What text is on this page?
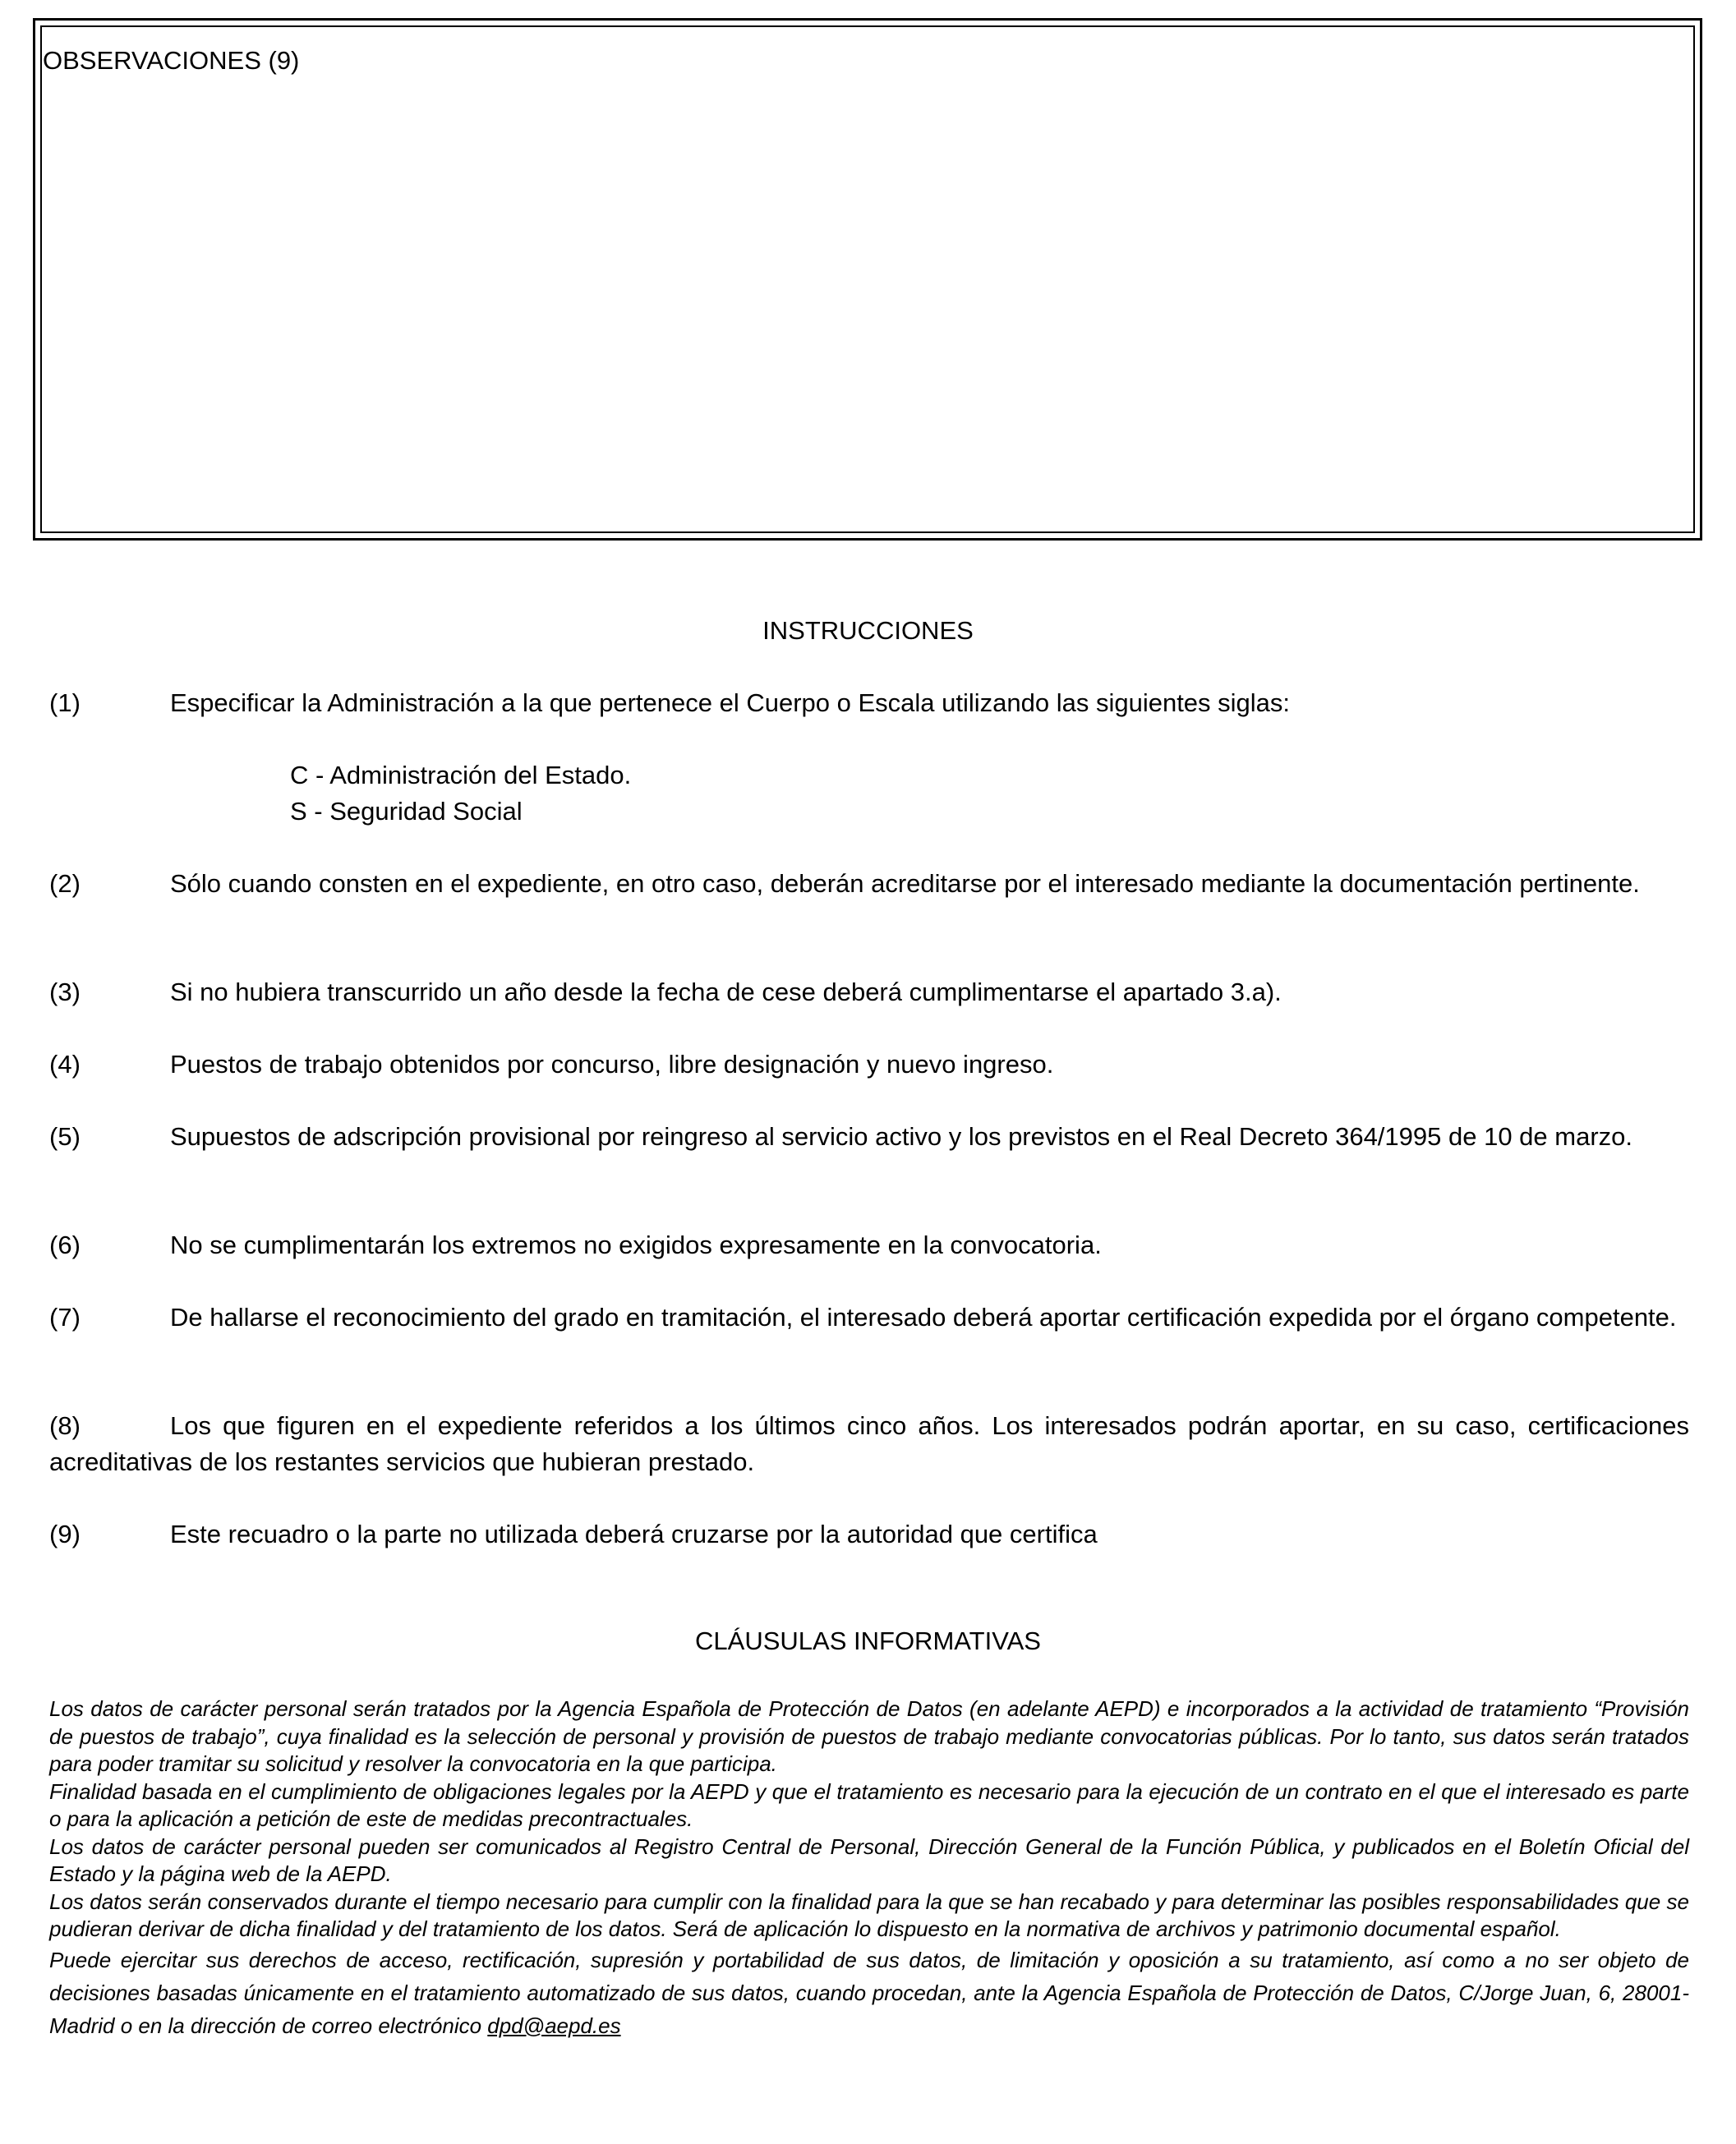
OBSERVACIONES (9)
INSTRUCCIONES
(1)	Especificar la Administración a la que pertenece el Cuerpo o Escala utilizando las siguientes siglas:
C - Administración del Estado.
S - Seguridad Social
(2)	Sólo cuando consten en el expediente, en otro caso, deberán acreditarse por el interesado mediante la documentación pertinente.
(3)	Si no hubiera transcurrido un año desde la fecha de cese deberá cumplimentarse el apartado 3.a).
(4)	Puestos de trabajo obtenidos por concurso, libre designación y nuevo ingreso.
(5)	Supuestos de adscripción provisional por reingreso al servicio activo y los previstos en el Real Decreto 364/1995 de 10 de marzo.
(6)	No se cumplimentarán los extremos no exigidos expresamente en la convocatoria.
(7)	De hallarse el reconocimiento del grado en tramitación, el interesado deberá aportar certificación expedida por el órgano competente.
(8)	Los que figuren en el expediente referidos a los últimos cinco años. Los interesados podrán aportar, en su caso, certificaciones acreditativas de los restantes servicios que hubieran prestado.
(9)	Este recuadro o la parte no utilizada deberá cruzarse por la autoridad que certifica
CLÁUSULAS INFORMATIVAS

Los datos de carácter personal serán tratados por la Agencia Española de Protección de Datos (en adelante AEPD) e incorporados a la actividad de tratamiento “Provisión de puestos de trabajo”, cuya finalidad es la selección de personal y provisión de puestos de trabajo mediante convocatorias públicas. Por lo tanto, sus datos serán tratados para poder tramitar su solicitud y resolver la convocatoria en la que participa.

Finalidad basada en el cumplimiento de obligaciones legales por la AEPD y que el tratamiento es necesario para la ejecución de un contrato en el que el interesado es parte o para la aplicación a petición de este de medidas precontractuales.

Los datos de carácter personal pueden ser comunicados al Registro Central de Personal, Dirección General de la Función Pública, y publicados en el Boletín Oficial del Estado y la página web de la AEPD.

Los datos serán conservados durante el tiempo necesario para cumplir con la finalidad para la que se han recabado y para determinar las posibles responsabilidades que se pudieran derivar de dicha finalidad y del tratamiento de los datos. Será de aplicación lo dispuesto en la normativa de archivos y patrimonio documental español.

Puede ejercitar sus derechos de acceso, rectificación, supresión y portabilidad de sus datos, de limitación y oposición a su tratamiento, así como a no ser objeto de decisiones basadas únicamente en el tratamiento automatizado de sus datos, cuando procedan, ante la Agencia Española de Protección de Datos, C/Jorge Juan, 6, 28001- Madrid o en la dirección de correo electrónico dpd@aepd.es
